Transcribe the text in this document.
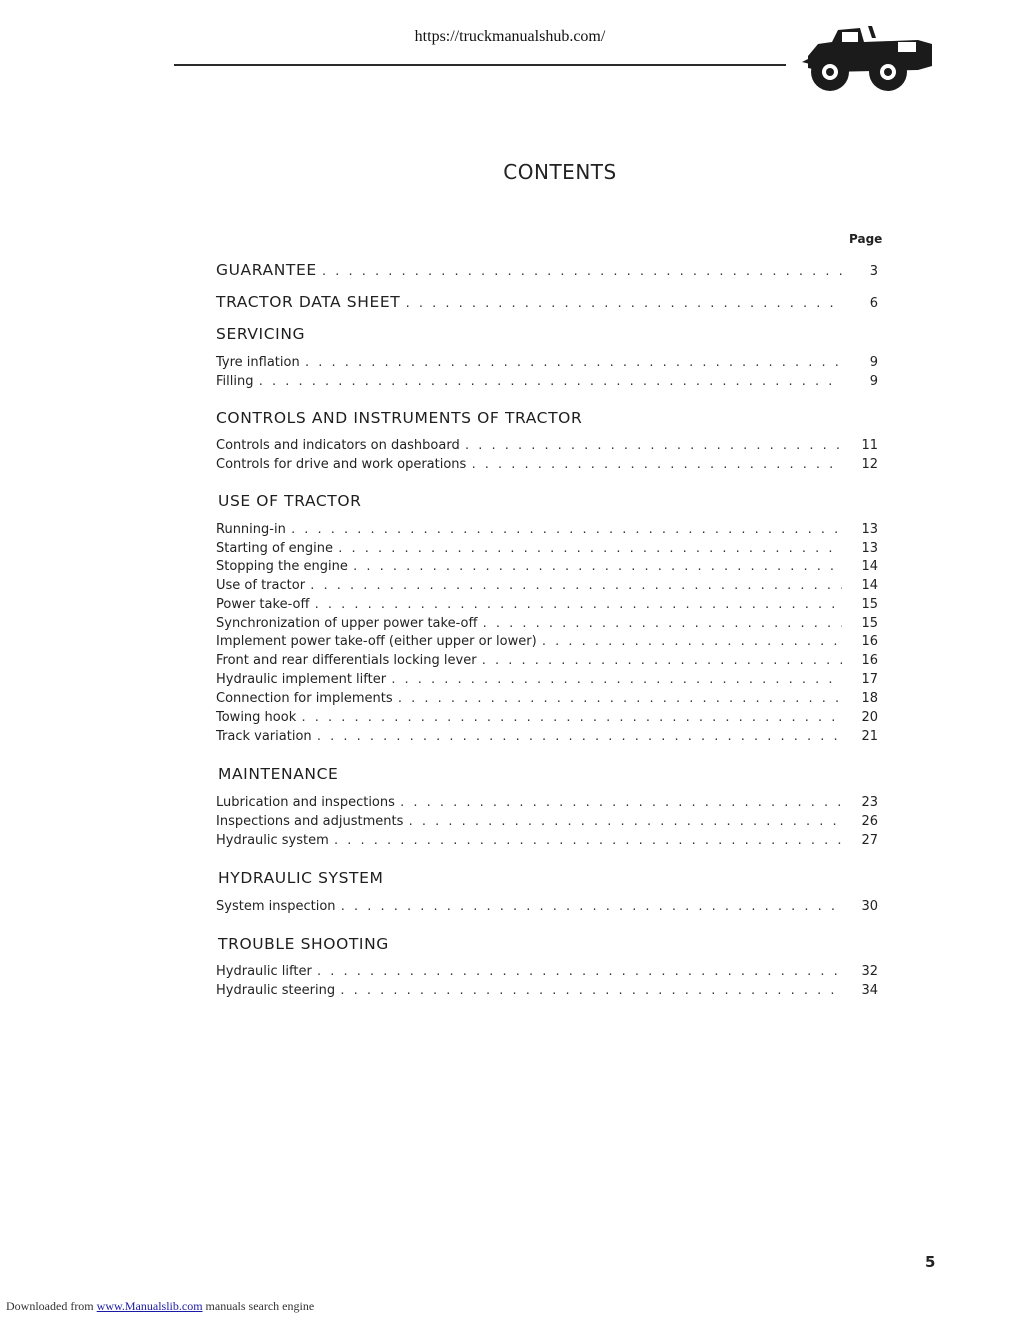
https://truckmanualshub.com/
CONTENTS
Page
GUARANTEE . . .	3
TRACTOR DATA SHEET . . .	6
SERVICING
Tyre inflation . . .	9
Filling . . .	9
CONTROLS AND INSTRUMENTS OF TRACTOR
Controls and indicators on dashboard . . .	11
Controls for drive and work operations . . .	12
USE OF TRACTOR
Running-in . . .	13
Starting of engine . . .	13
Stopping the engine . . .	14
Use of tractor . . .	14
Power take-off . . .	15
Synchronization of upper power take-off . . .	15
Implement power take-off (either upper or lower) . . .	16
Front and rear differentials locking lever . . .	16
Hydraulic implement lifter . . .	17
Connection for implements . . .	18
Towing hook . . .	20
Track variation . . .	21
MAINTENANCE
Lubrication and inspections . . .	23
Inspections and adjustments . . .	26
Hydraulic system . . .	27
HYDRAULIC SYSTEM
System inspection . . .	30
TROUBLE SHOOTING
Hydraulic lifter . . .	32
Hydraulic steering . . .	34
5
Downloaded from www.Manualslib.com manuals search engine
